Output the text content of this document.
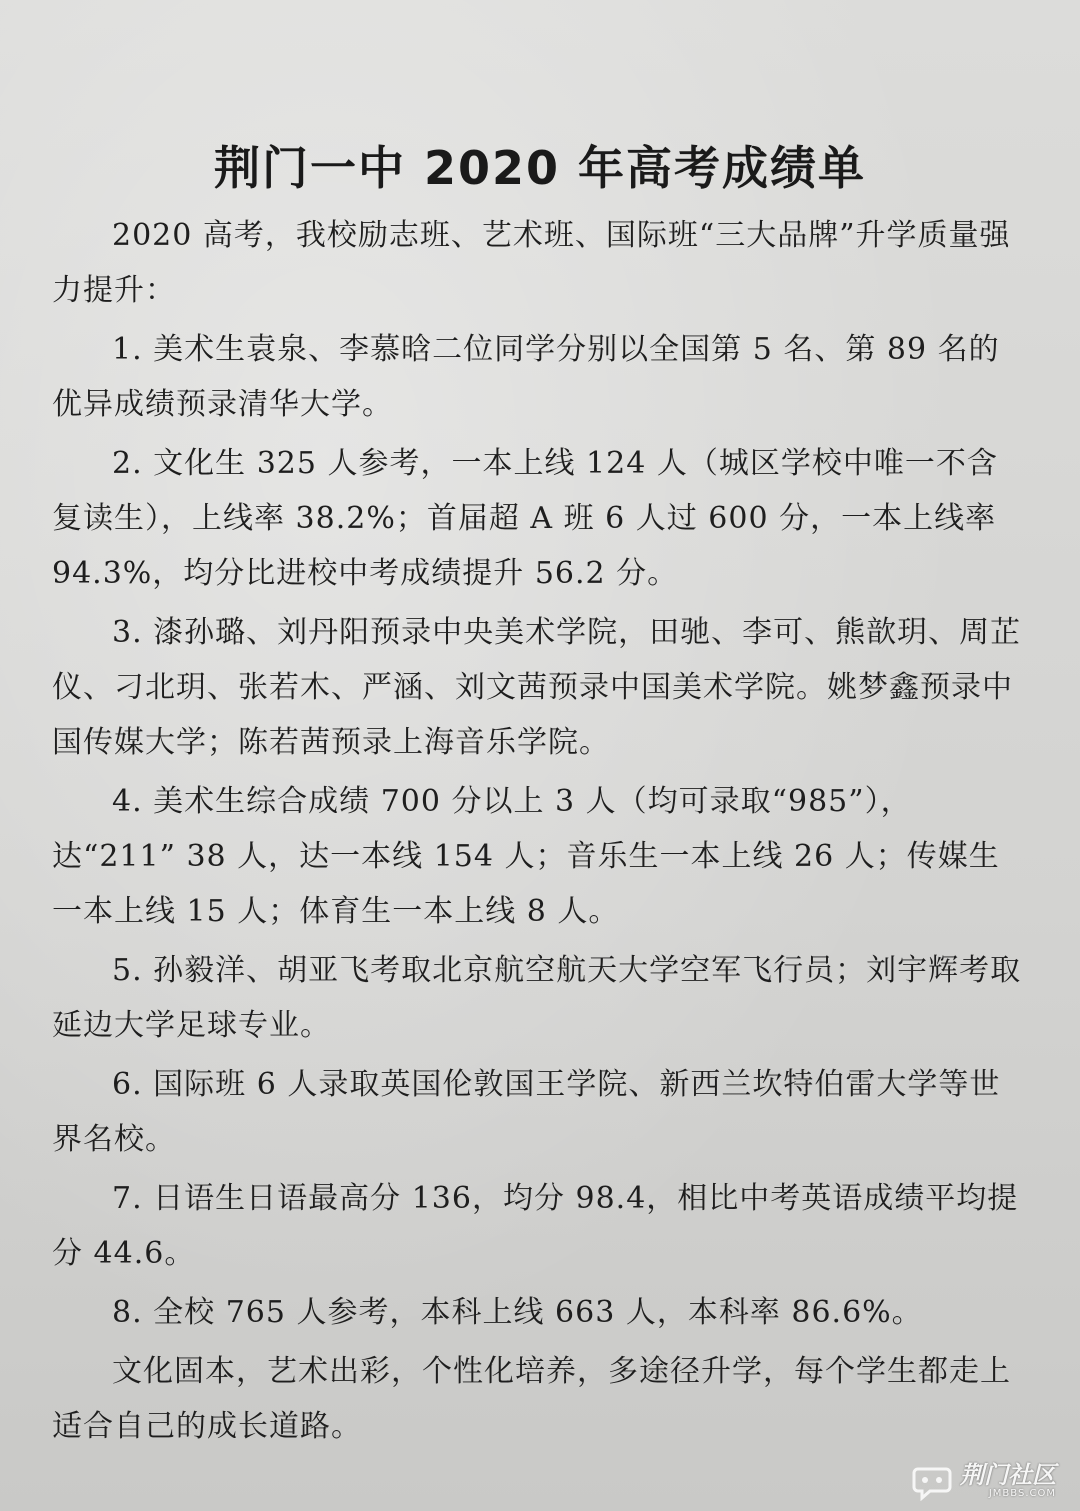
荆门一中 2020 年高考成绩单

2020 高考，我校励志班、艺术班、国际班“三大品牌”升学质量强力提升：

1. 美术生袁泉、李慕晗二位同学分别以全国第 5 名、第 89 名的优异成绩预录清华大学。

2. 文化生 325 人参考，一本上线 124 人（城区学校中唯一不含复读生），上线率 38.2%；首届超 A 班 6 人过 600 分，一本上线率 94.3%，均分比进校中考成绩提升 56.2 分。

3. 漆孙璐、刘丹阳预录中央美术学院，田驰、李可、熊歆玥、周芷仪、刁北玥、张若木、严涵、刘文茜预录中国美术学院。姚梦鑫预录中国传媒大学；陈若茜预录上海音乐学院。

4. 美术生综合成绩 700 分以上 3 人（均可录取“985”），达“211” 38 人，达一本线 154 人；音乐生一本上线 26 人；传媒生一本上线 15 人；体育生一本上线 8 人。

5. 孙毅洋、胡亚飞考取北京航空航天大学空军飞行员；刘宇辉考取延边大学足球专业。

6. 国际班 6 人录取英国伦敦国王学院、新西兰坎特伯雷大学等世界名校。

7. 日语生日语最高分 136，均分 98.4，相比中考英语成绩平均提分 44.6。

8. 全校 765 人参考，本科上线 663 人，本科率 86.6%。

文化固本，艺术出彩，个性化培养，多途径升学，每个学生都走上适合自己的成长道路。

荆门社区
JMBBS.COM
